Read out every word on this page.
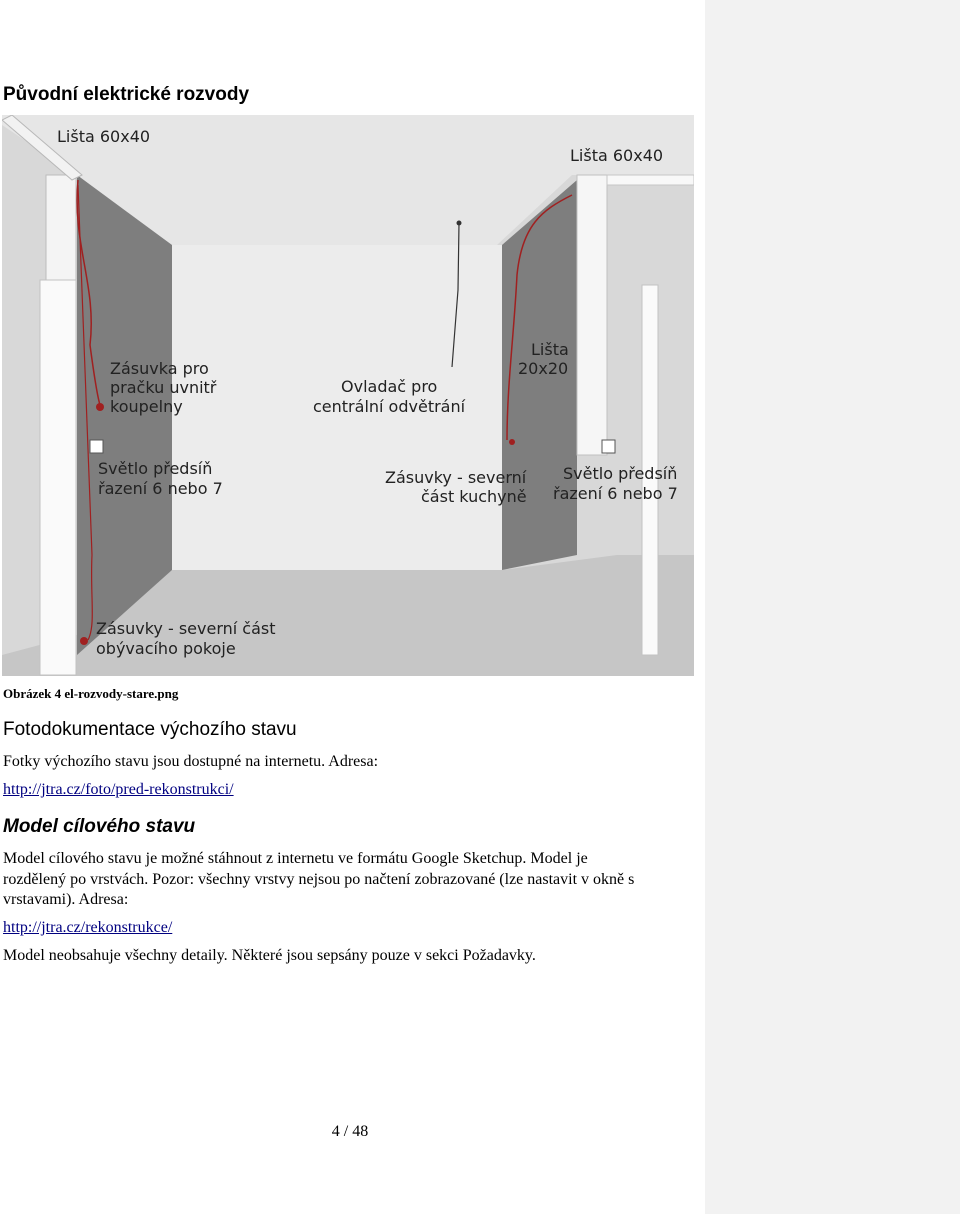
Původní elektrické rozvody
Lišta 60x40
Lišta 60x40
Zásuvka pro
pračku uvnitř
koupelny
Ovladač pro
centrální odvětrání
Lišta
20x20
Světlo předsíň
řazení 6 nebo 7
Zásuvky - severní
část kuchyně
Světlo předsíň
řazení 6 nebo 7
Zásuvky - severní část
obývacího pokoje
Obrázek 4 el-rozvody-stare.png
Fotodokumentace výchozího stavu

Fotky výchozího stavu jsou dostupné na internetu. Adresa:

http://jtra.cz/foto/pred-rekonstrukci/

Model cílového stavu

Model cílového stavu je možné stáhnout z internetu ve formátu Google Sketchup. Model je

rozdělený po vrstvách. Pozor: všechny vrstvy nejsou po načtení zobrazované (lze nastavit v okně s

vrstavami). Adresa:

http://jtra.cz/rekonstrukce/

Model neobsahuje všechny detaily. Některé jsou sepsány pouze v sekci Požadavky.

4 / 48
